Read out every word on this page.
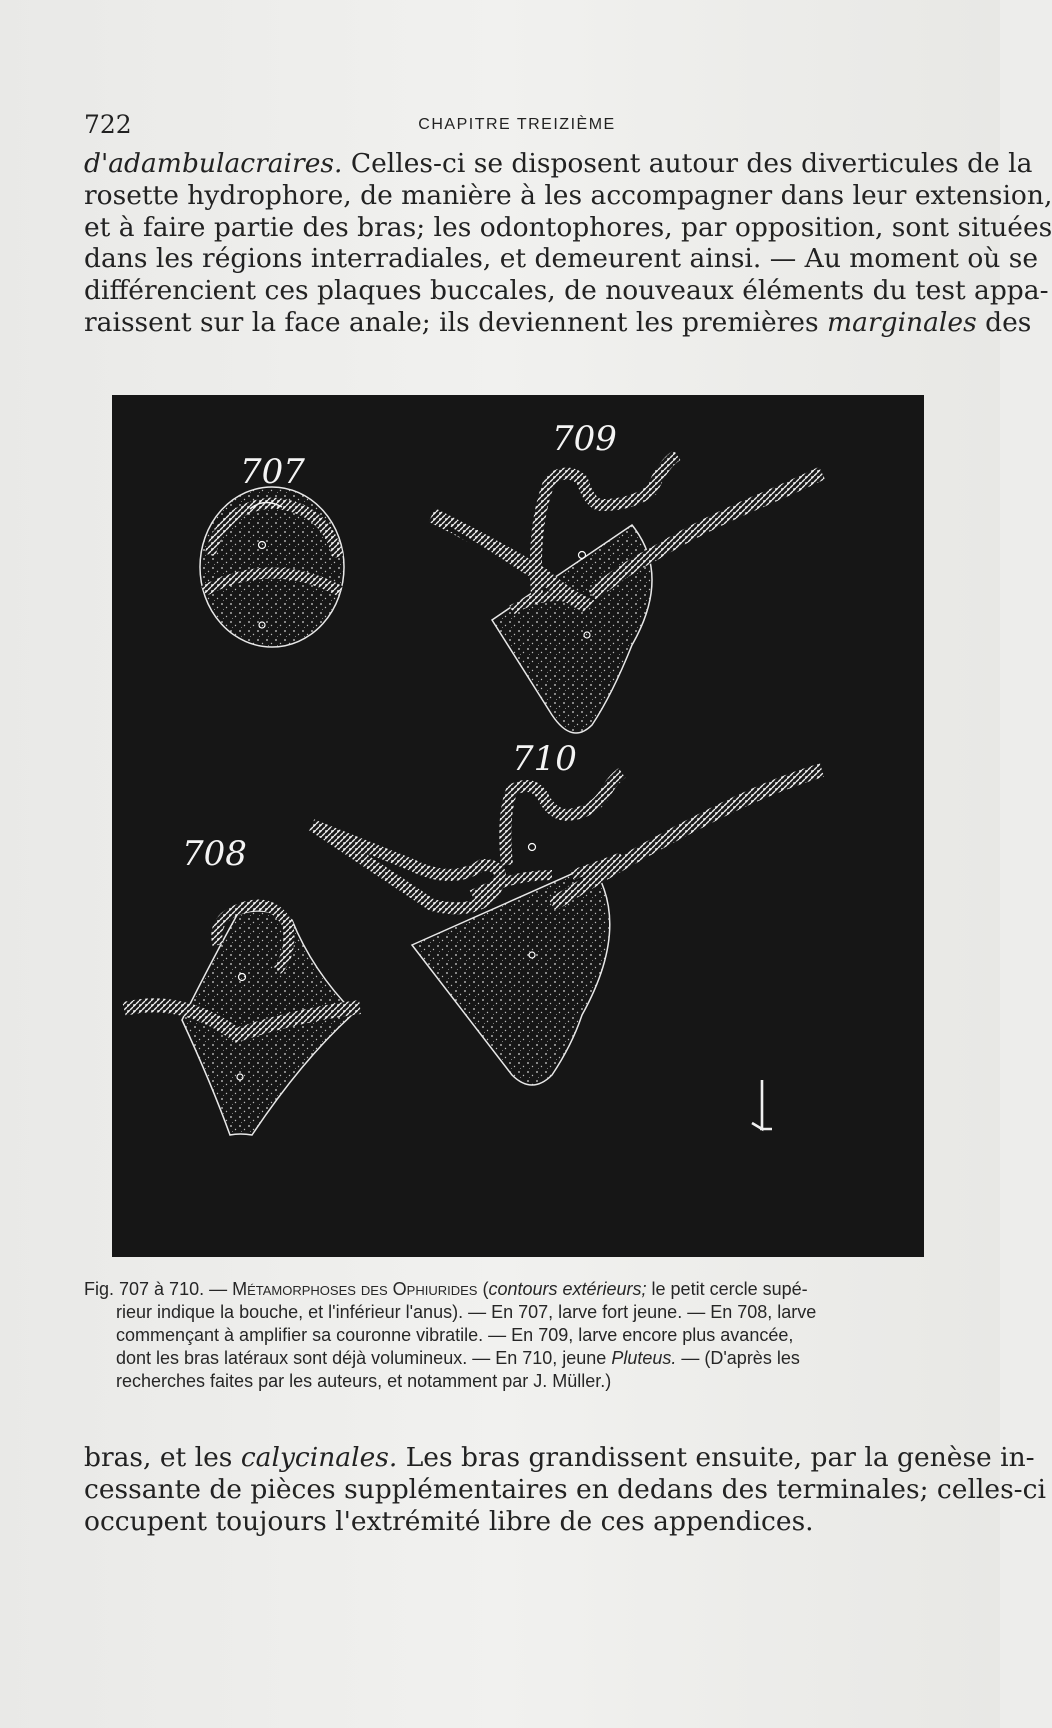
722	CHAPITRE TREIZIÈME

d'adambulacraires. Celles-ci se disposent autour des diverticules de la
rosette hydrophore, de manière à les accompagner dans leur extension,
et à faire partie des bras; les odontophores, par opposition, sont situées
dans les régions interradiales, et demeurent ainsi. — Au moment où se
différencient ces plaques buccales, de nouveaux éléments du test appa-
raissent sur la face anale; ils deviennent les premières marginales des

707
708
709
710
L
Fig. 707 à 710. — Métamorphoses des Ophiurides (contours extérieurs; le petit cercle supé-
rieur indique la bouche, et l'inférieur l'anus). — En 707, larve fort jeune. — En 708, larve
commençant à amplifier sa couronne vibratile. — En 709, larve encore plus avancée,
dont les bras latéraux sont déjà volumineux. — En 710, jeune Pluteus. — (D'après les
recherches faites par les auteurs, et notamment par J. Müller.)

bras, et les calycinales. Les bras grandissent ensuite, par la genèse in-
cessante de pièces supplémentaires en dedans des terminales; celles-ci
occupent toujours l'extrémité libre de ces appendices.
